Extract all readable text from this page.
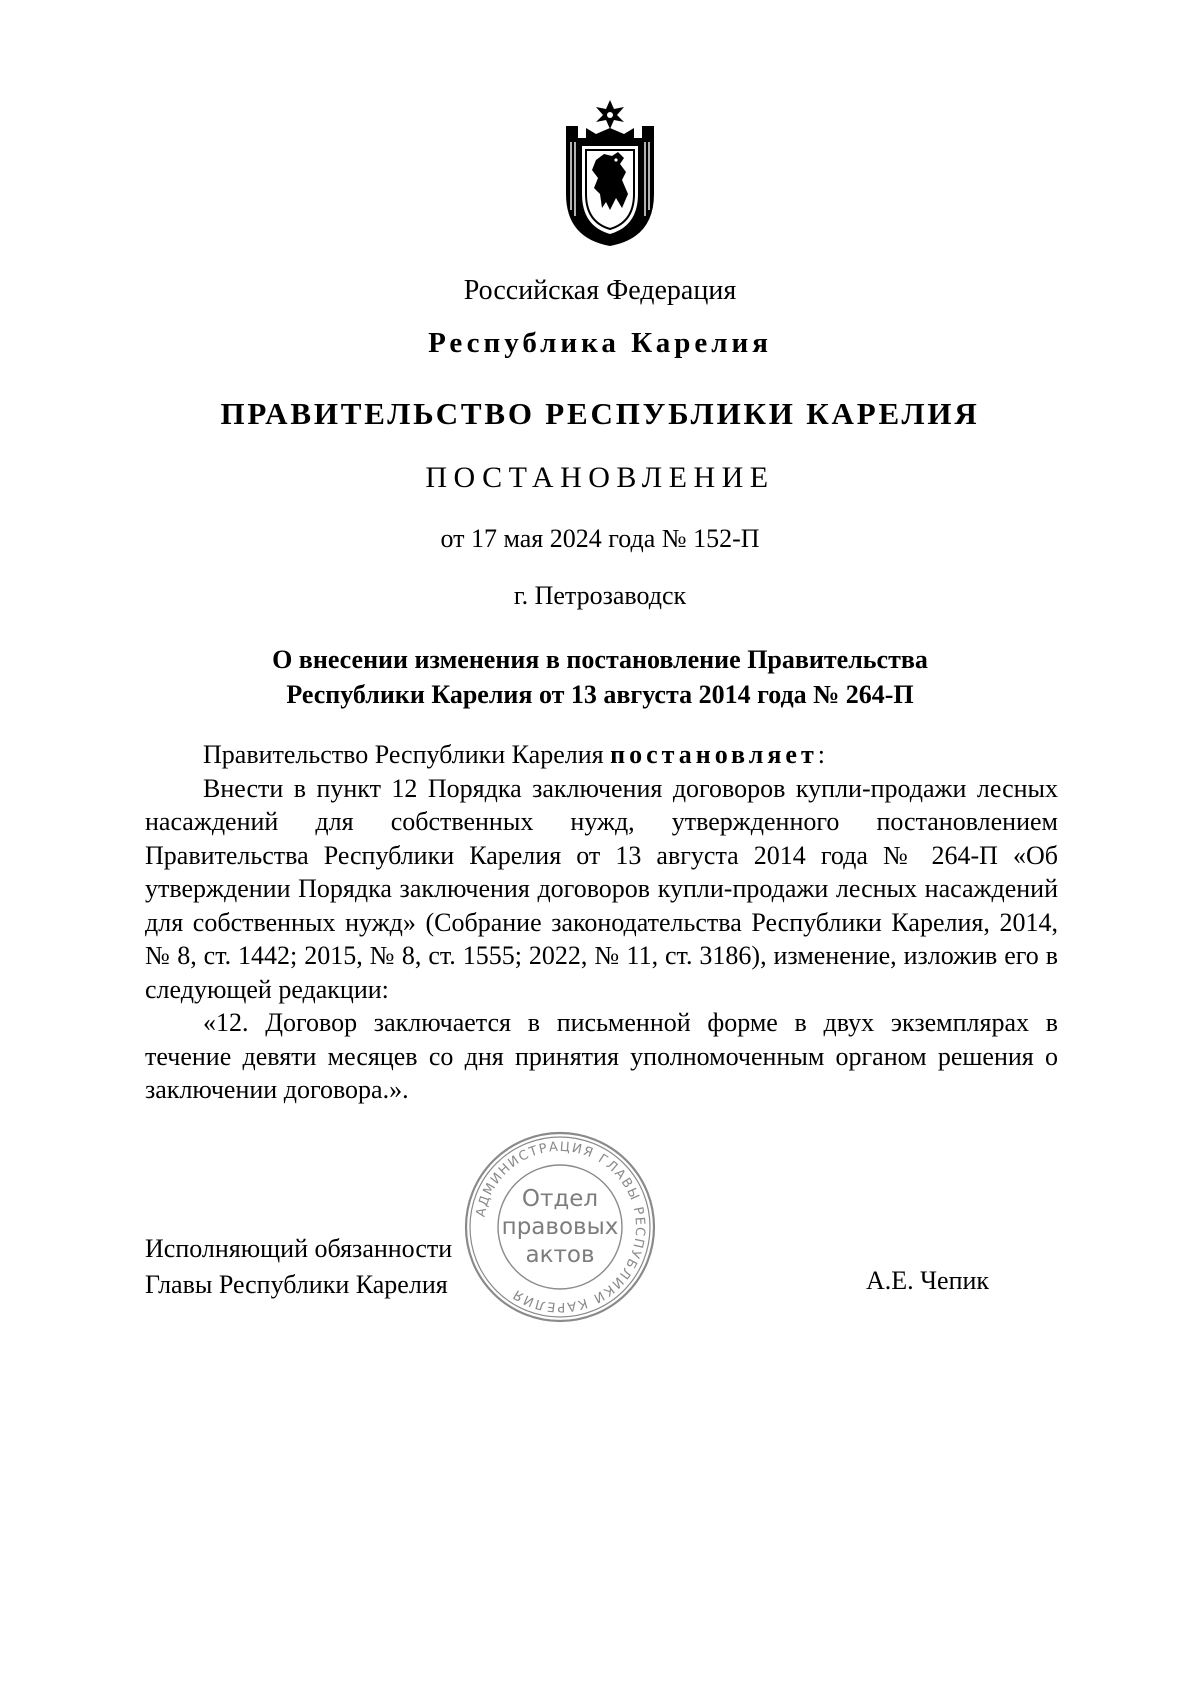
Российская Федерация
Республика Карелия
ПРАВИТЕЛЬСТВО РЕСПУБЛИКИ КАРЕЛИЯ
ПОСТАНОВЛЕНИЕ
от 17 мая 2024 года № 152-П
г. Петрозаводск
О внесении изменения в постановление Правительства
Республики Карелия от 13 августа 2014 года № 264-П

Правительство Республики Карелия постановляет:

Внести в пункт 12 Порядка заключения договоров купли-продажи лесных насаждений для собственных нужд, утвержденного постановлением Правительства Республики Карелия от 13 августа 2014 года № 264-П «Об утверждении Порядка заключения договоров купли-продажи лесных насаждений для собственных нужд» (Собрание законодательства Республики Карелия, 2014, № 8, ст. 1442; 2015, № 8, ст. 1555; 2022, № 11, ст. 3186), изменение, изложив его в следующей редакции:

«12. Договор заключается в письменной форме в двух экземплярах в течение девяти месяцев со дня принятия уполномоченным органом решения о заключении договора.».

Исполняющий обязанности
Главы Республики Карелия	А.Е. Чепик
АДМИНИСТРАЦИЯ ГЛАВЫ РЕСПУБЛИКИ КАРЕЛИЯ
Отдел
правовых
актов
